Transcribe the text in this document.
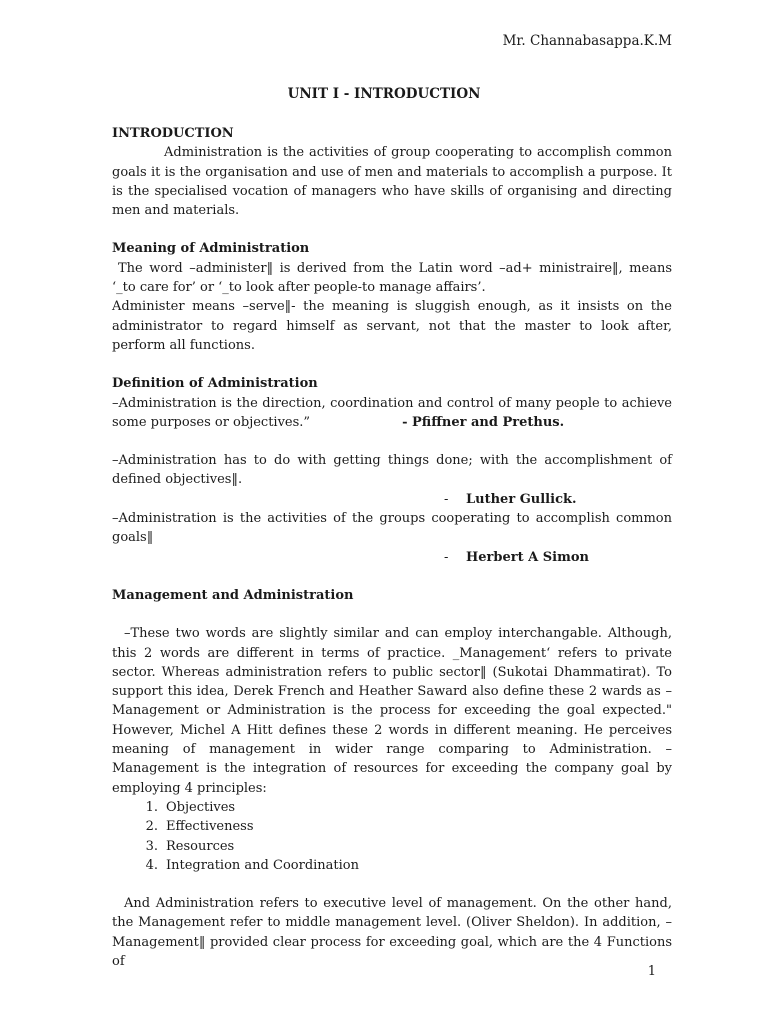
Mr. Channabasappa.K.M
UNIT I - INTRODUCTION

INTRODUCTION

Administration is the activities of group cooperating to accomplish common goals it is the organisation and use of men and materials to accomplish a purpose. It is the specialised vocation of managers who have skills of organising and directing men and materials.

Meaning of Administration

The word –administer‖ is derived from the Latin word –ad+ ministraire‖, means ‘_to care for’ or ‘_to look after people-to manage affairs’.

Administer means –serve‖- the meaning is sluggish enough, as it insists on the administrator to regard himself as servant, not that the master to look after, perform all functions.

Definition of Administration

–Administration is the direction, coordination and control of many people to achieve some purposes or objectives.”	- Pfiffner and Prethus.

–Administration has to do with getting things done; with the accomplishment of defined objectives‖.

- Luther Gullick.

–Administration is the activities of the groups cooperating to accomplish common goals‖

- Herbert A Simon

Management and Administration

–These two words are slightly similar and can employ interchangable. Although, this 2 words are different in terms of practice. _Management‘ refers to private sector. Whereas administration refers to public sector‖ (Sukotai Dhammatirat). To support this idea, Derek French and Heather Saward also define these 2 wards as –Management or Administration is the process for exceeding the goal expected." However, Michel A Hitt defines these 2 words in different meaning. He perceives meaning of management in wider range comparing to Administration. –Management is the integration of resources for exceeding the company goal by employing 4 principles:

1. Objectives
2. Effectiveness
3. Resources
4. Integration and Coordination

And Administration refers to executive level of management. On the other hand, the Management refer to middle management level. (Oliver Sheldon). In addition, –Management‖ provided clear process for exceeding goal, which are the 4 Functions of

1
